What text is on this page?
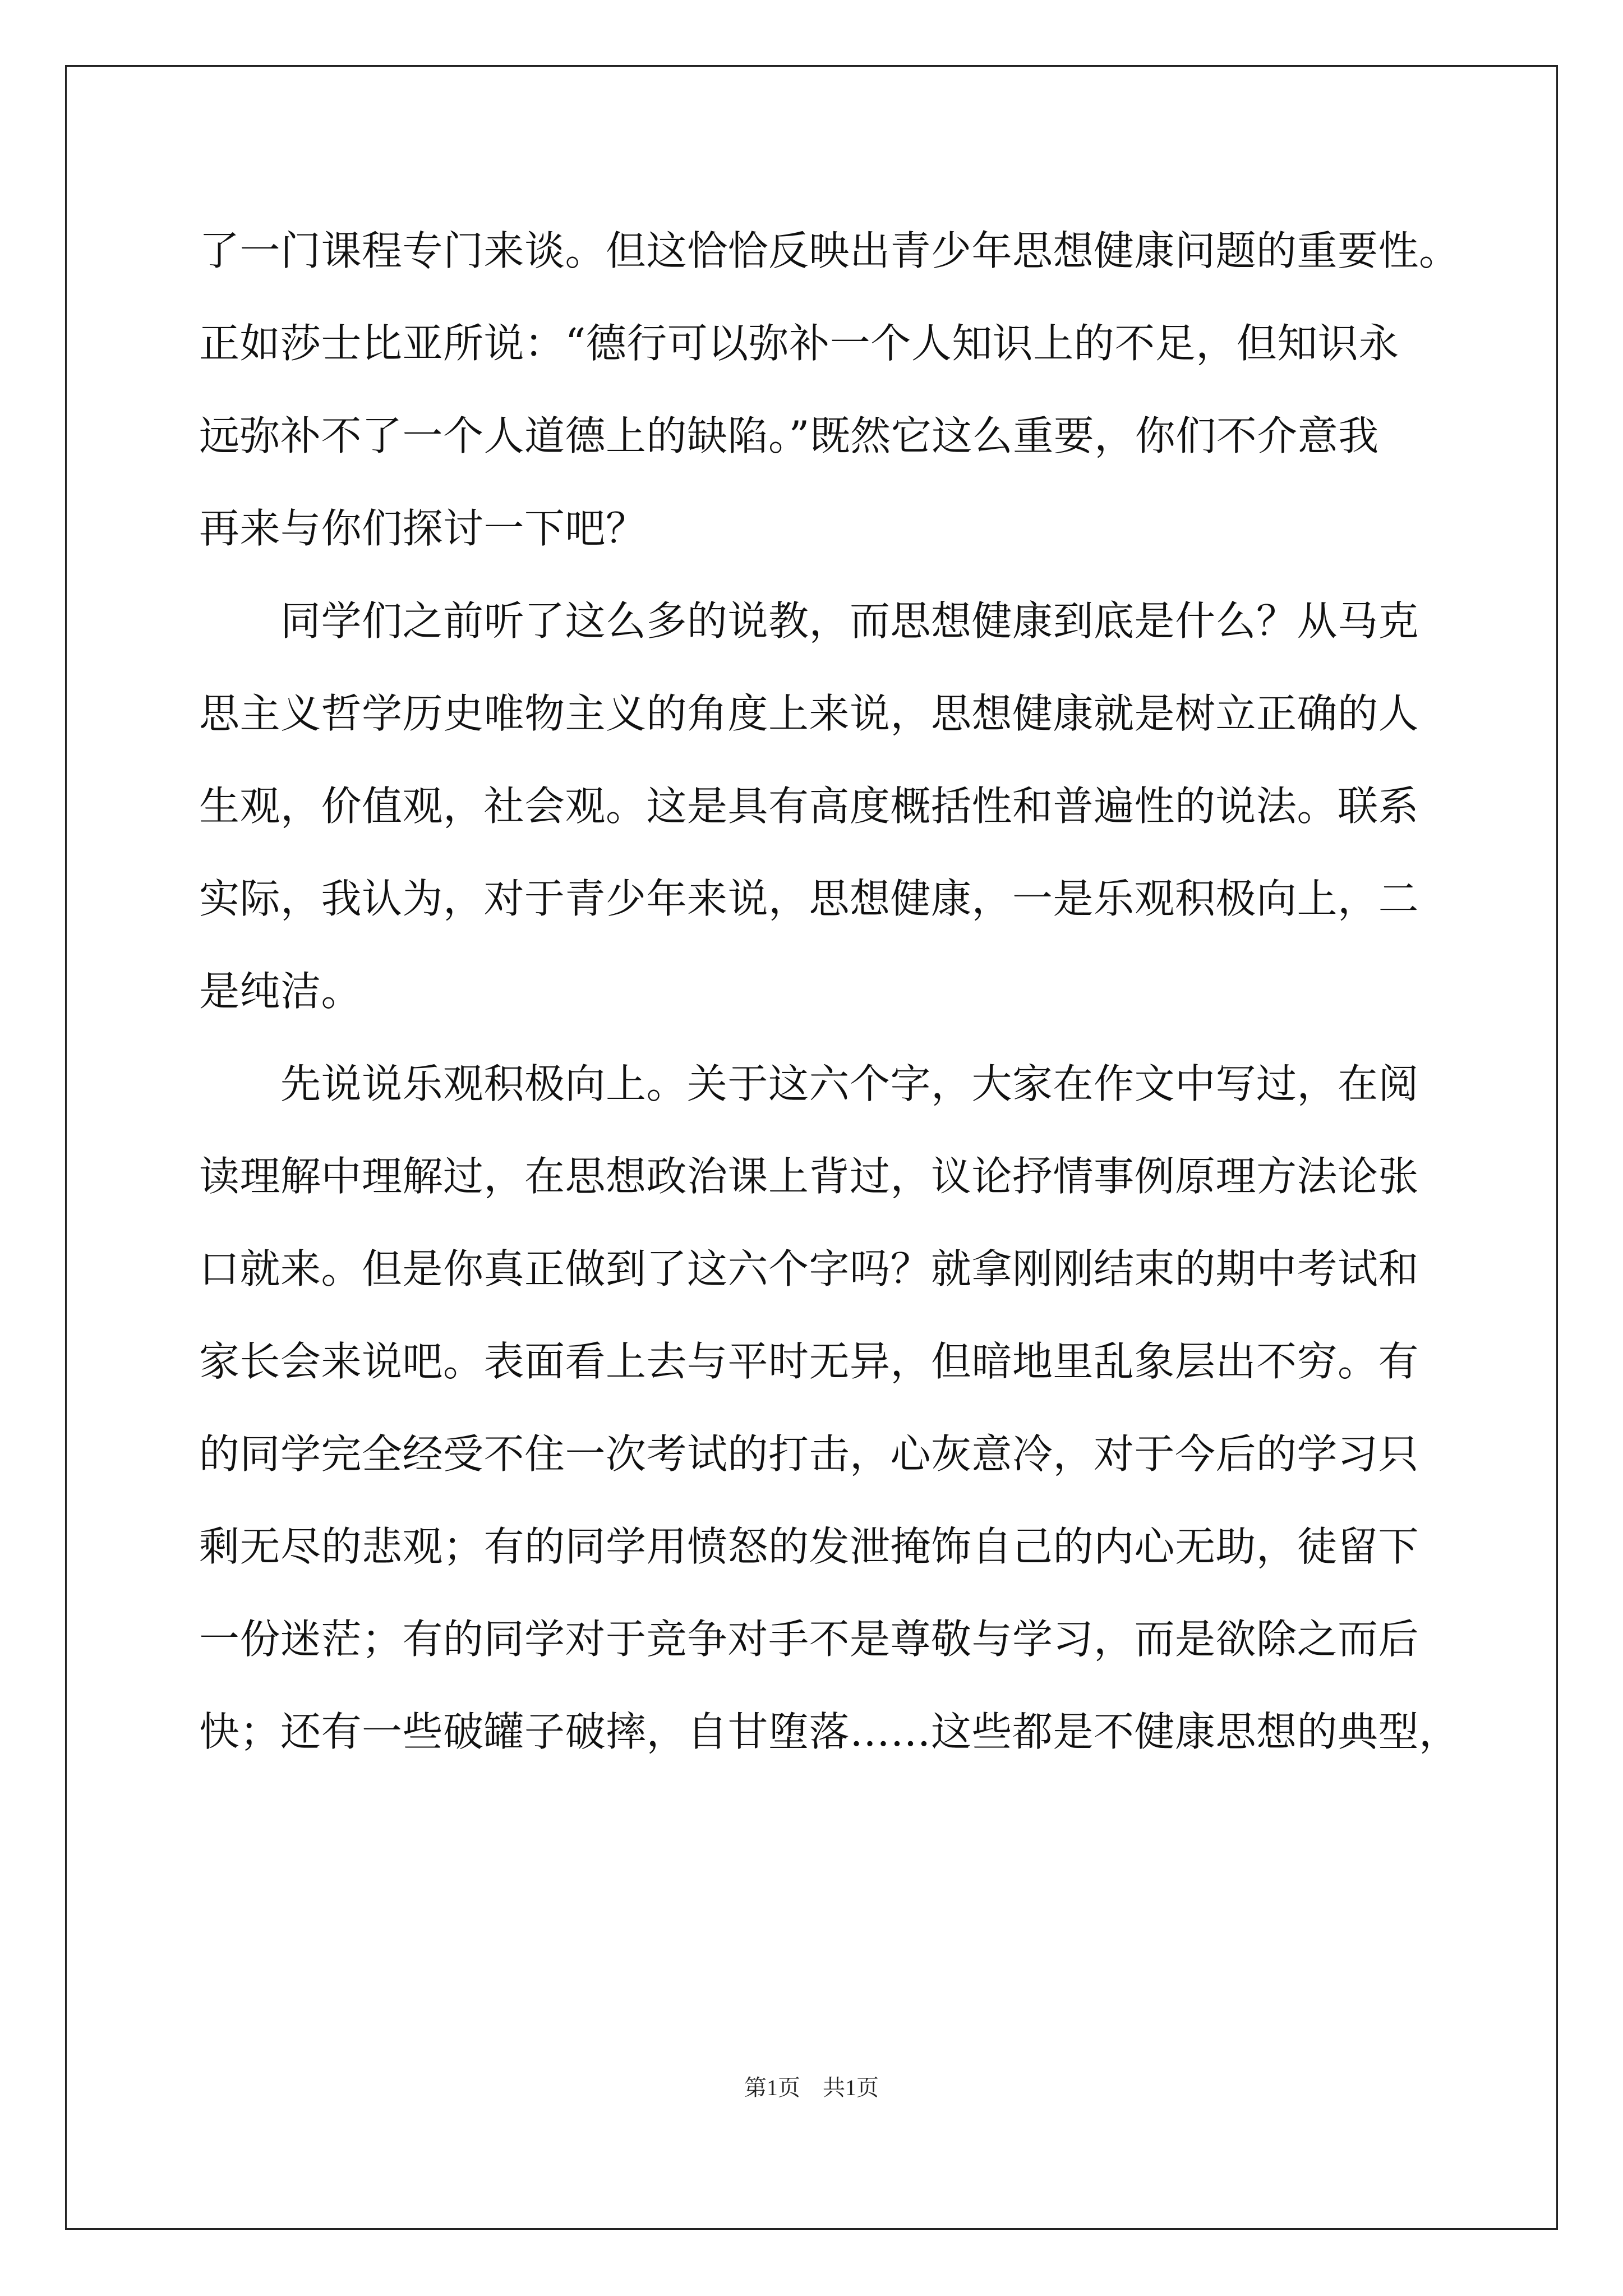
了一门课程专门来谈。但这恰恰反映出青少年思想健康问题的重要性。
正如莎士比亚所说：“德行可以弥补一个人知识上的不足，但知识永
远弥补不了一个人道德上的缺陷。”既然它这么重要，你们不介意我
再来与你们探讨一下吧？
　　同学们之前听了这么多的说教，而思想健康到底是什么？从马克
思主义哲学历史唯物主义的角度上来说，思想健康就是树立正确的人
生观，价值观，社会观。这是具有高度概括性和普遍性的说法。联系
实际，我认为，对于青少年来说，思想健康，一是乐观积极向上，二
是纯洁。
　　先说说乐观积极向上。关于这六个字，大家在作文中写过，在阅
读理解中理解过，在思想政治课上背过，议论抒情事例原理方法论张
口就来。但是你真正做到了这六个字吗？就拿刚刚结束的期中考试和
家长会来说吧。表面看上去与平时无异，但暗地里乱象层出不穷。有
的同学完全经受不住一次考试的打击，心灰意冷，对于今后的学习只
剩无尽的悲观；有的同学用愤怒的发泄掩饰自己的内心无助，徒留下
一份迷茫；有的同学对于竞争对手不是尊敬与学习，而是欲除之而后
快；还有一些破罐子破摔，自甘堕落……这些都是不健康思想的典型，
第1页　共1页
